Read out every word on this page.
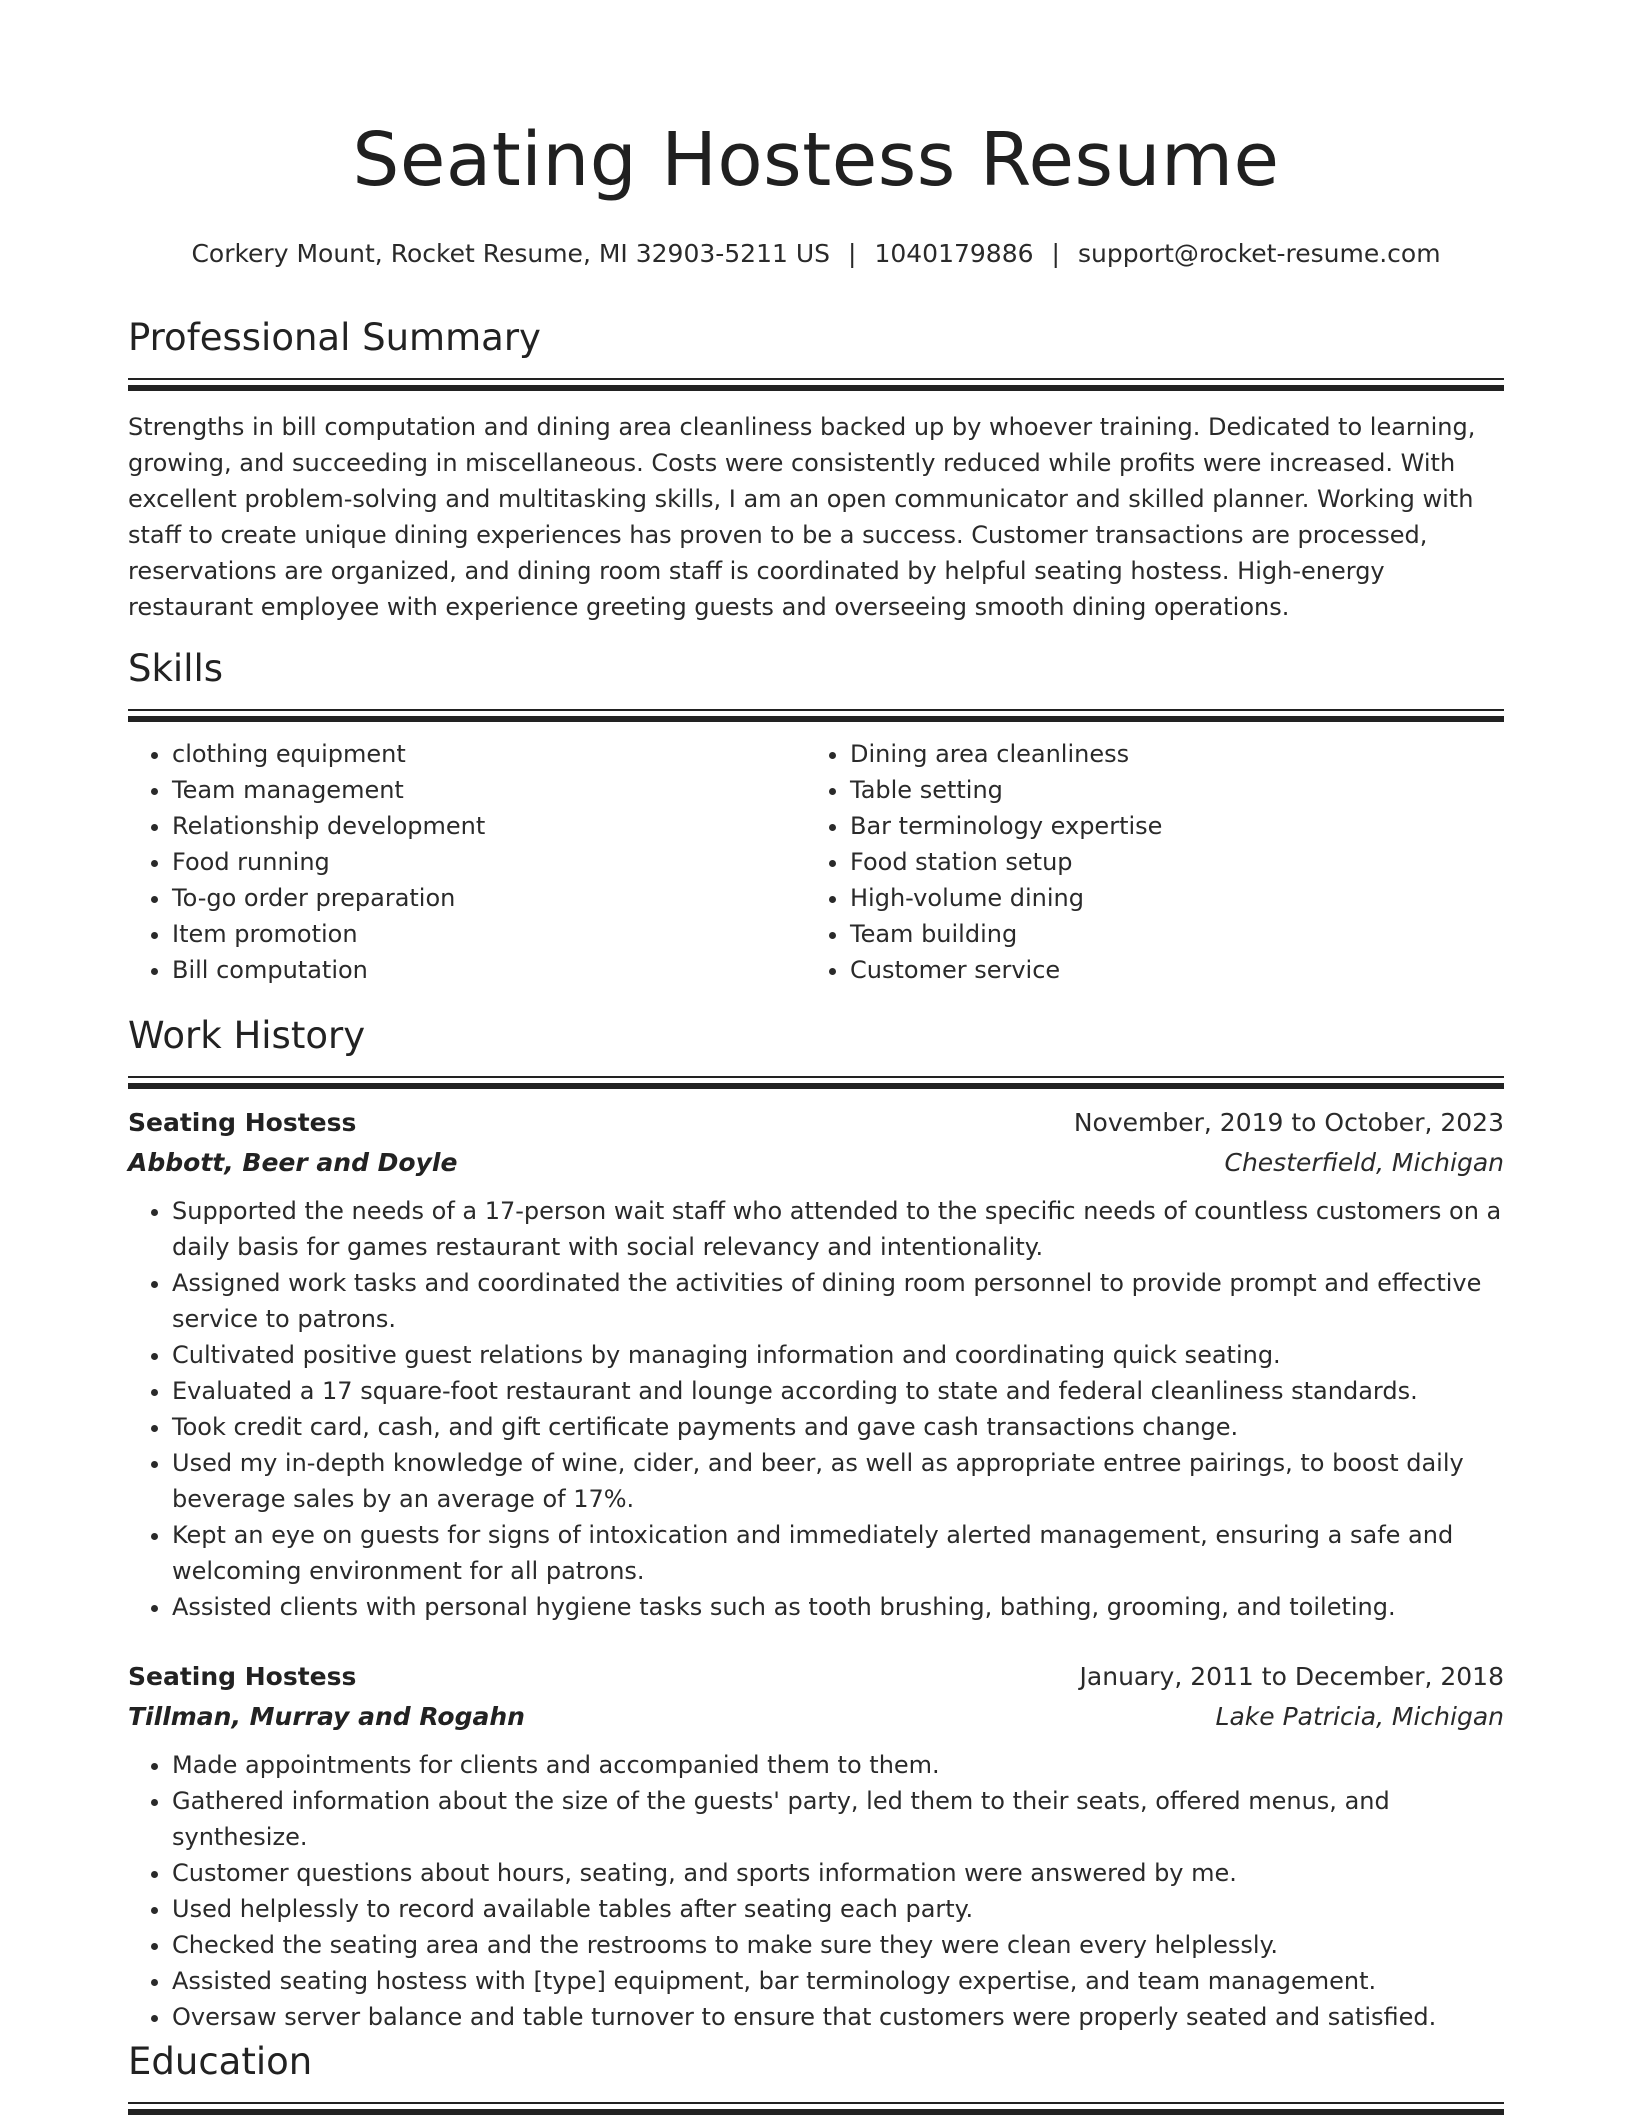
Seating Hostess Resume
Corkery Mount, Rocket Resume, MI 32903-5211 US | 1040179886 | support@rocket-resume.com
Professional Summary
Strengths in bill computation and dining area cleanliness backed up by whoever training. Dedicated to learning, growing, and succeeding in miscellaneous. Costs were consistently reduced while profits were increased. With excellent problem-solving and multitasking skills, I am an open communicator and skilled planner. Working with staff to create unique dining experiences has proven to be a success. Customer transactions are processed, reservations are organized, and dining room staff is coordinated by helpful seating hostess. High-energy restaurant employee with experience greeting guests and overseeing smooth dining operations.
Skills
• clothing equipment
• Team management
• Relationship development
• Food running
• To-go order preparation
• Item promotion
• Bill computation
• Dining area cleanliness
• Table setting
• Bar terminology expertise
• Food station setup
• High-volume dining
• Team building
• Customer service
Work History
Seating Hostess	November, 2019 to October, 2023
Abbott, Beer and Doyle	Chesterfield, Michigan
• Supported the needs of a 17-person wait staff who attended to the specific needs of countless customers on a daily basis for games restaurant with social relevancy and intentionality.
• Assigned work tasks and coordinated the activities of dining room personnel to provide prompt and effective service to patrons.
• Cultivated positive guest relations by managing information and coordinating quick seating.
• Evaluated a 17 square-foot restaurant and lounge according to state and federal cleanliness standards.
• Took credit card, cash, and gift certificate payments and gave cash transactions change.
• Used my in-depth knowledge of wine, cider, and beer, as well as appropriate entree pairings, to boost daily beverage sales by an average of 17%.
• Kept an eye on guests for signs of intoxication and immediately alerted management, ensuring a safe and welcoming environment for all patrons.
• Assisted clients with personal hygiene tasks such as tooth brushing, bathing, grooming, and toileting.
Seating Hostess	January, 2011 to December, 2018
Tillman, Murray and Rogahn	Lake Patricia, Michigan
• Made appointments for clients and accompanied them to them.
• Gathered information about the size of the guests' party, led them to their seats, offered menus, and synthesize.
• Customer questions about hours, seating, and sports information were answered by me.
• Used helplessly to record available tables after seating each party.
• Checked the seating area and the restrooms to make sure they were clean every helplessly.
• Assisted seating hostess with [type] equipment, bar terminology expertise, and team management.
• Oversaw server balance and table turnover to ensure that customers were properly seated and satisfied.
Education
